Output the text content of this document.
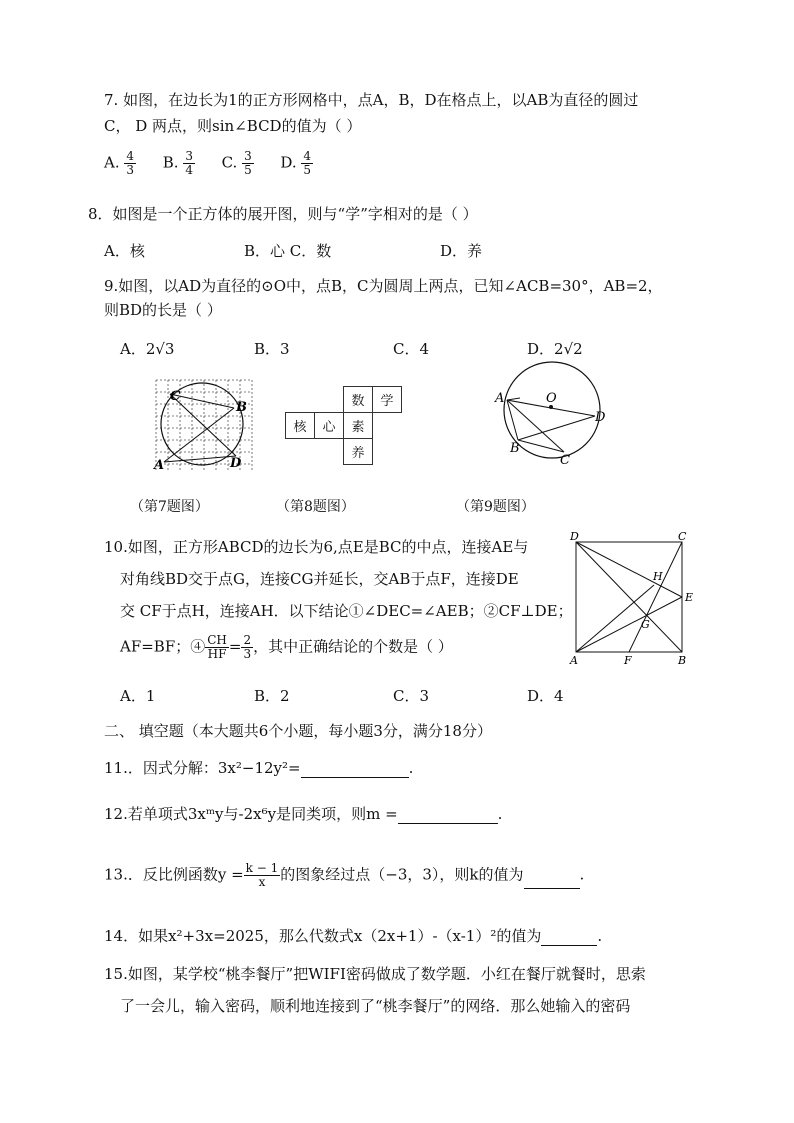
7. 如图，在边长为1的正方形网格中，点A，B，D在格点上，以AB为直径的圆过
C， D 两点，则sin∠BCD的值为（ ）
A. $\frac{4}{3} B$. $\frac{3}{4} C$. $\frac{3}{5} D$. $\frac{4}{5}$
8．如图是一个正方体的展开图，则与“学”字相对的是（ ）
A．核	B．心 C．数	D．养
9.如图，以AD为直径的⊙O中，点B，C为圆周上两点，已知∠ACB=30°，AB=2，
则BD的长是（ ）
A．2√3	B．3	C．4	D．2√2
C
B
A	D
		数	学
核	心	素	
		养	
A	O
D
B
C
（第7题图）	（第8题图）	（第9题图）
10.如图，正方形ABCD的边长为6,点E是BC的中点，连接AE与
对角线BD交于点G，连接CG并延长，交AB于点F，连接DE
交 CF于点H，连接AH．以下结论①∠DEC=∠AEB；②CF⊥DE；
AF=BF；④ $\frac{CH}{HF} = \frac{2}{3}$ ，其中正确结论的个数是（ ）
A．1	B．2	C．3	D．4
D	C
H
E
G
A	F	B
二、 填空题（本大题共6个小题，每小题3分，满分18分）
11.．因式分解：3x²−12y²=	.
12.若单项式3xᵐy与-2x⁶y是同类项，则m =	.
13.．反比例函数$y = \frac{k - 1}{x}$ 的图象经过点（−3，3），则k的值为	.
14．如果x²+3x=2025，那么代数式x（2x+1）-（x-1）²的值为	.
15.如图，某学校“桃李餐厅”把WIFI密码做成了数学题．小红在餐厅就餐时，思索
了一会儿，输入密码，顺利地连接到了“桃李餐厅”的网络．那么她输入的密码
